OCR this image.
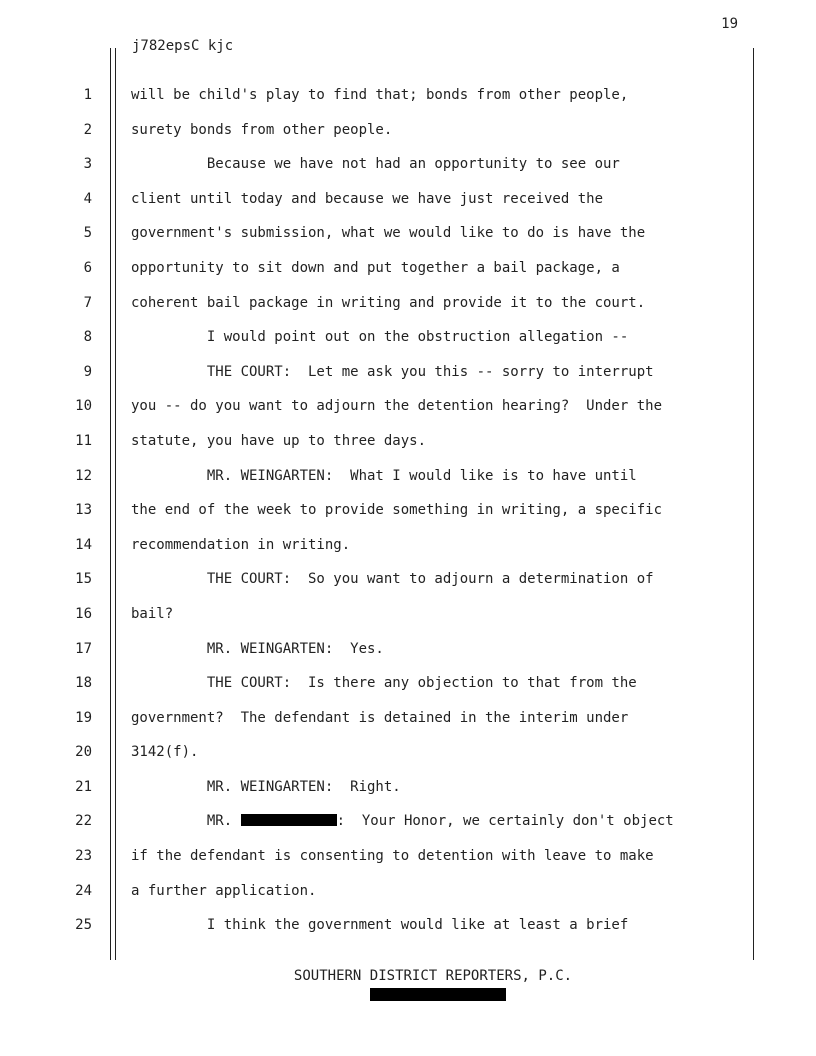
19
j782epsC kjc
1	will be child's play to find that; bonds from other people,
2	surety bonds from other people.
3	Because we have not had an opportunity to see our
4	client until today and because we have just received the
5	government's submission, what we would like to do is have the
6	opportunity to sit down and put together a bail package, a
7	coherent bail package in writing and provide it to the court.
8	I would point out on the obstruction allegation --
9	THE COURT:  Let me ask you this -- sorry to interrupt
10	you -- do you want to adjourn the detention hearing?  Under the
11	statute, you have up to three days.
12	MR. WEINGARTEN:  What I would like is to have until
13	the end of the week to provide something in writing, a specific
14	recommendation in writing.
15	THE COURT:  So you want to adjourn a determination of
16	bail?
17	MR. WEINGARTEN:  Yes.
18	THE COURT:  Is there any objection to that from the
19	government?  The defendant is detained in the interim under
20	3142(f).
21	MR. WEINGARTEN:  Right.
22	MR.	:  Your Honor, we certainly don't object
23	if the defendant is consenting to detention with leave to make
24	a further application.
25	I think the government would like at least a brief
SOUTHERN DISTRICT REPORTERS, P.C.
